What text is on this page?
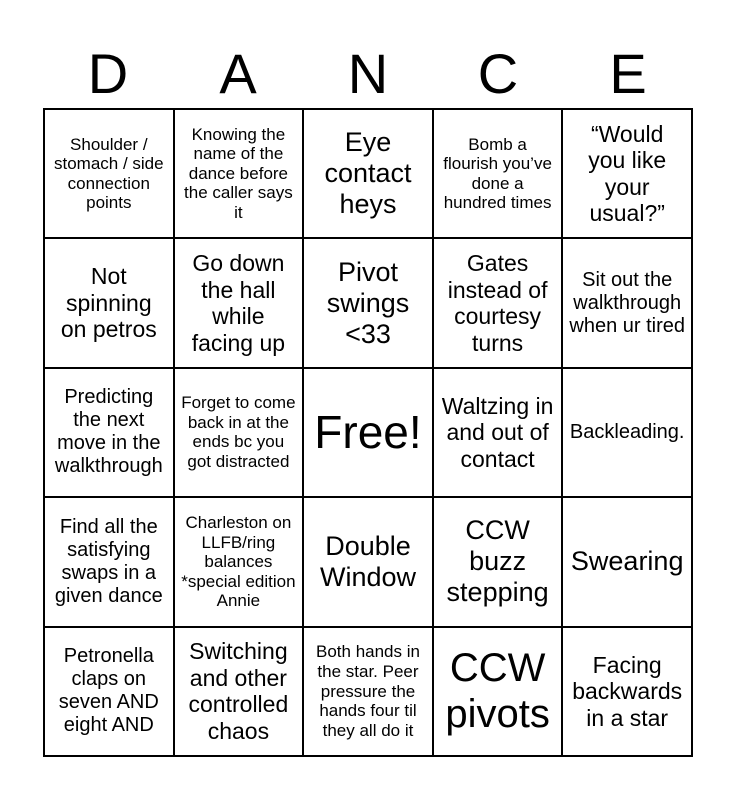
D	A	N	C	E
Shoulder / stomach / side connection points
Knowing the name of the dance before the caller says it
Eye contact heys
Bomb a flourish you’ve done a hundred times
“Would you like your usual?”
Not spinning on petros
Go down the hall while facing up
Pivot swings <33
Gates instead of courtesy turns
Sit out the walkthrough when ur tired
Predicting the next move in the walkthrough
Forget to come back in at the ends bc you got distracted
Free!
Waltzing in and out of contact
Backleading.
Find all the satisfying swaps in a given dance
Charleston on LLFB/ring balances *special edition Annie
Double Window
CCW buzz stepping
Swearing
Petronella claps on seven AND eight AND
Switching and other controlled chaos
Both hands in the star. Peer pressure the hands four til they all do it
CCW pivots
Facing backwards in a star
